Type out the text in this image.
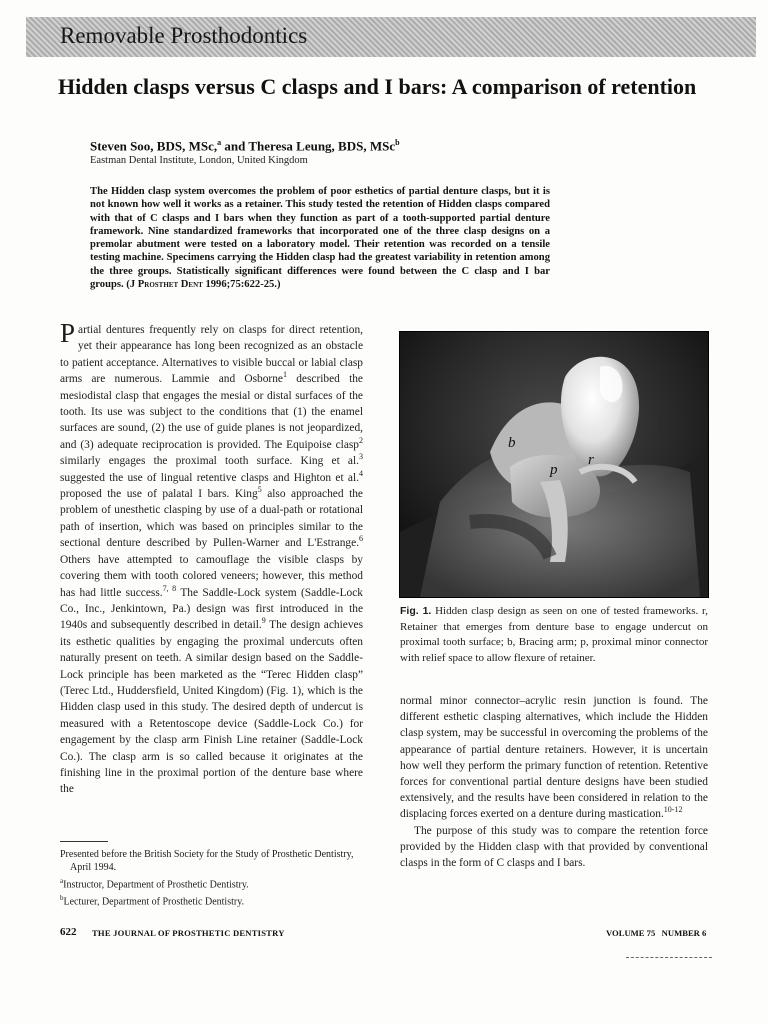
Removable Prosthodontics
Hidden clasps versus C clasps and I bars: A comparison of retention

Steven Soo, BDS, MSc,$^a$ and Theresa Leung, BDS, MSc$^b$

Eastman Dental Institute, London, United Kingdom

The Hidden clasp system overcomes the problem of poor esthetics of partial denture clasps, but it is not known how well it works as a retainer. This study tested the retention of Hidden clasps compared with that of C clasps and I bars when they function as part of a tooth-supported partial denture framework. Nine standardized frameworks that incorporated one of the three clasp designs on a premolar abutment were tested on a laboratory model. Their retention was recorded on a tensile testing machine. Specimens carrying the Hidden clasp had the greatest variability in retention among the three groups. Statistically significant differences were found between the C clasp and I bar groups. (J Prosthet Dent 1996;75:622-25.)

Partial dentures frequently rely on clasps for direct retention, yet their appearance has long been recognized as an obstacle to patient acceptance. Alternatives to visible buccal or labial clasp arms are numerous. Lammie and Osborne$^1$ described the mesiodistal clasp that engages the mesial or distal surfaces of the tooth. Its use was subject to the conditions that (1) the enamel surfaces are sound, (2) the use of guide planes is not jeopardized, and (3) adequate reciprocation is provided. The Equipoise clasp$^2$ similarly engages the proximal tooth surface. King et al.$^3$ suggested the use of lingual retentive clasps and Highton et al.$^4$ proposed the use of palatal I bars. King$^5$ also approached the problem of unesthetic clasping by use of a dual-path or rotational path of insertion, which was based on principles similar to the sectional denture described by Pullen-Warner and L'Estrange.$^6$ Others have attempted to camouflage the visible clasps by covering them with tooth colored veneers; however, this method has had little success.$^{7, 8}$ The Saddle-Lock system (Saddle-Lock Co., Inc., Jenkintown, Pa.) design was first introduced in the 1940s and subsequently described in detail.$^9$ The design achieves its esthetic qualities by engaging the proximal undercuts often naturally present on teeth. A similar design based on the Saddle-Lock principle has been marketed as the “Terec Hidden clasp” (Terec Ltd., Huddersfield, United Kingdom) (Fig. 1), which is the Hidden clasp used in this study. The desired depth of undercut is measured with a Retentoscope device (Saddle-Lock Co.) for engagement by the clasp arm Finish Line retainer (Saddle-Lock Co.). The clasp arm is so called because it originates at the finishing line in the proximal portion of the denture base where the

b
p
r

Fig. 1. Hidden clasp design as seen on one of tested frameworks. r, Retainer that emerges from denture base to engage undercut on proximal tooth surface; b, Bracing arm; p, proximal minor connector with relief space to allow flexure of retainer.

normal minor connector–acrylic resin junction is found. The different esthetic clasping alternatives, which include the Hidden clasp system, may be successful in overcoming the problems of the appearance of partial denture retainers. However, it is uncertain how well they perform the primary function of retention. Retentive forces for conventional partial denture designs have been studied extensively, and the results have been considered in relation to the displacing forces exerted on a denture during mastication.$^{10-12}$

The purpose of this study was to compare the retention force provided by the Hidden clasp with that provided by conventional clasps in the form of C clasps and I bars.

Presented before the British Society for the Study of Prosthetic Dentistry, April 1994.
$^a$Instructor, Department of Prosthetic Dentistry.
$^b$Lecturer, Department of Prosthetic Dentistry.
622 THE JOURNAL OF PROSTHETIC DENTISTRY	VOLUME 75   NUMBER 6
